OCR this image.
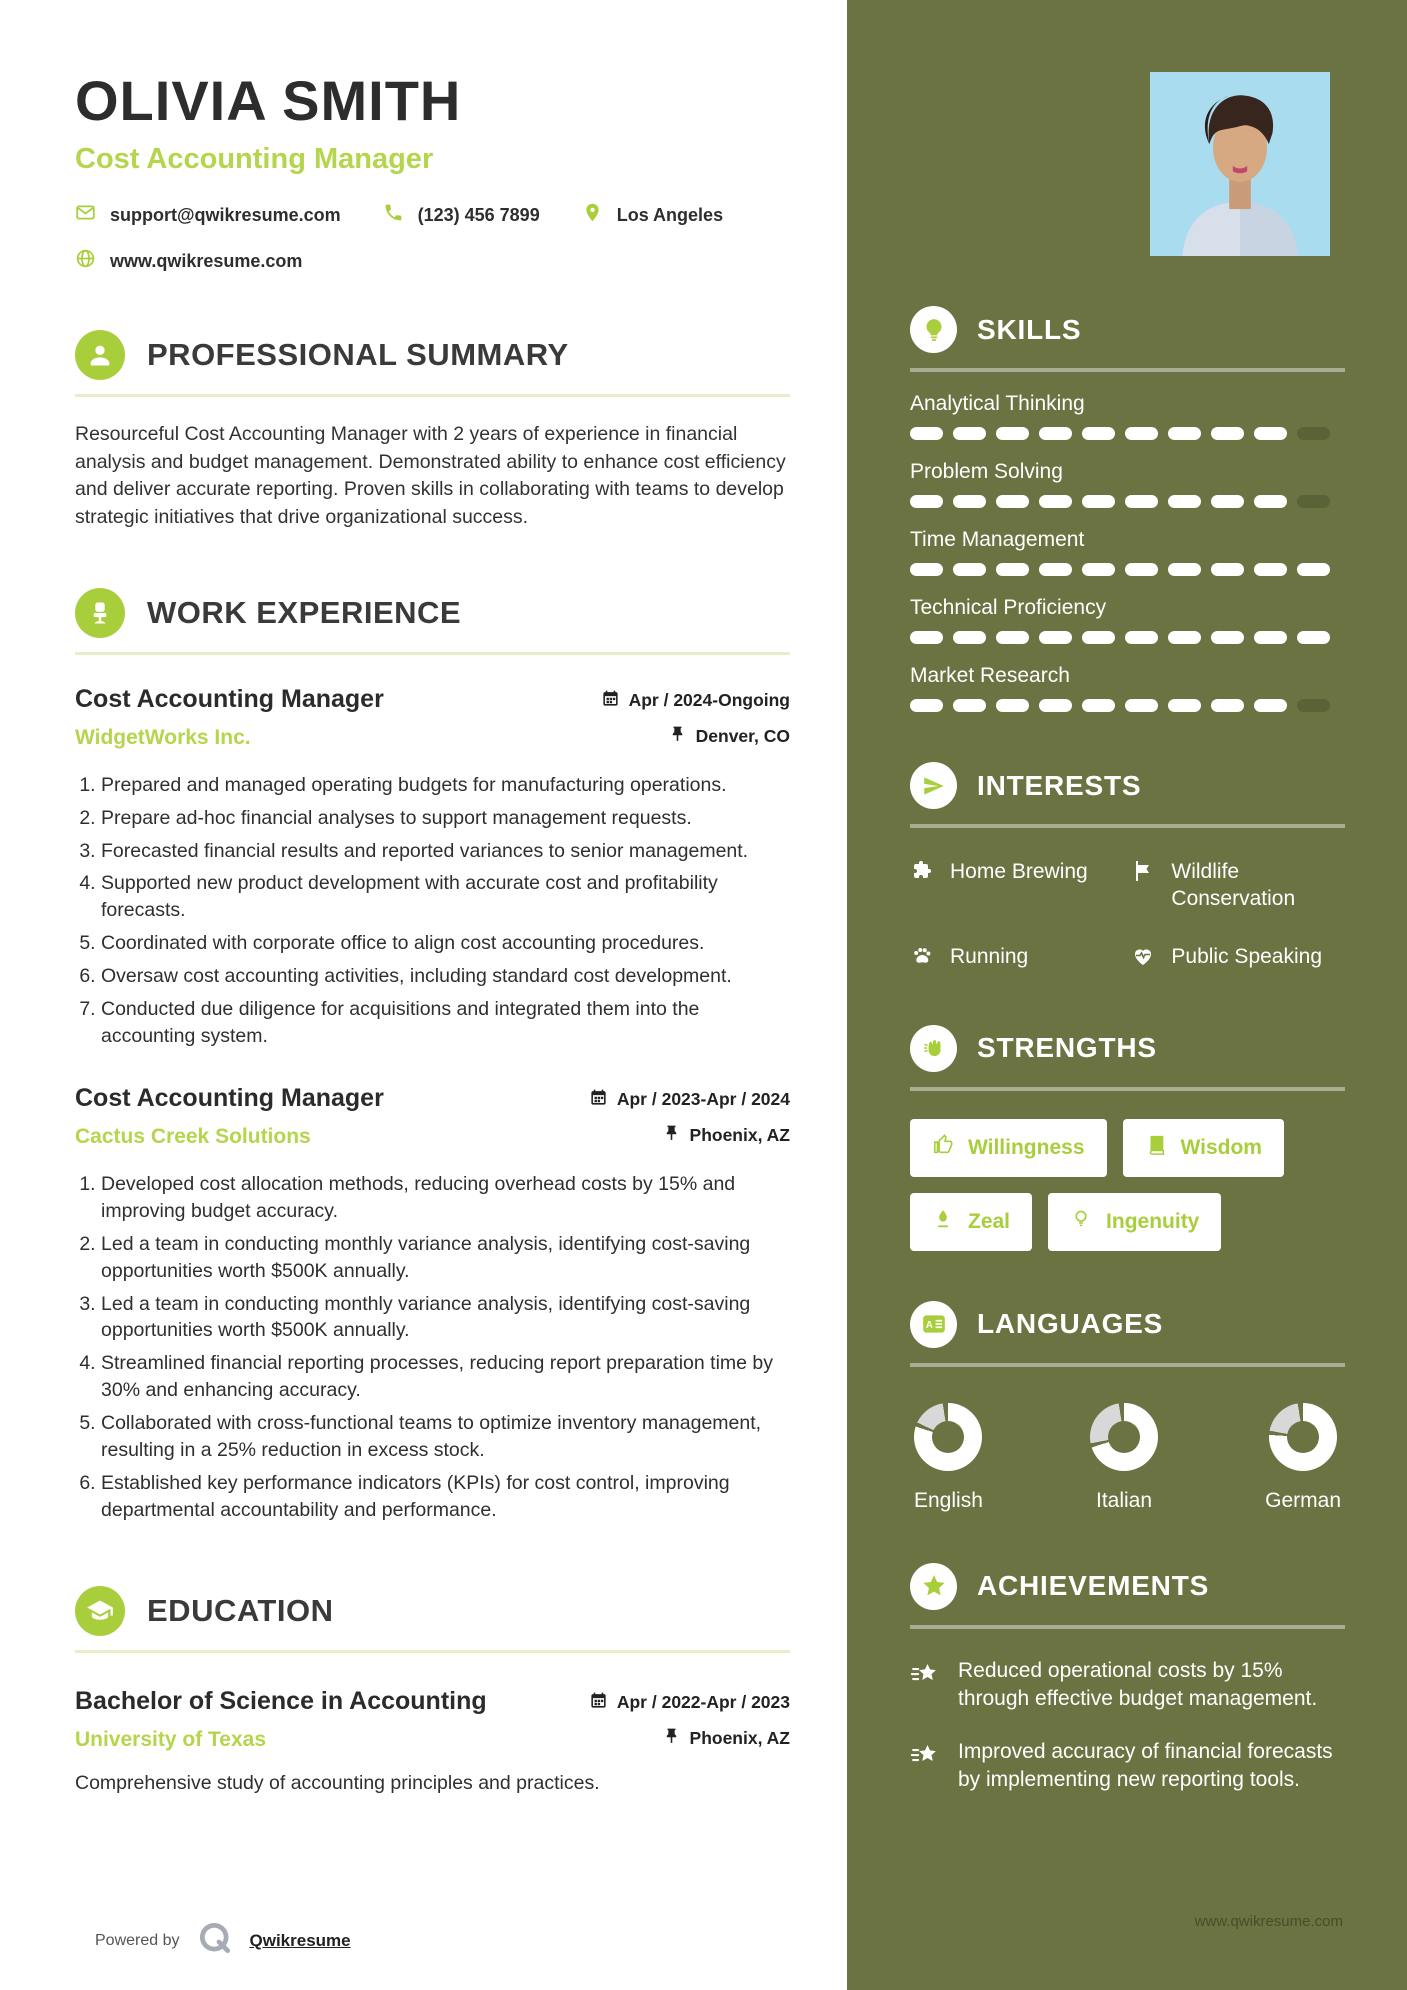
OLIVIA SMITH
Cost Accounting Manager
support@qwikresume.com	(123) 456 7899	Los Angeles
www.qwikresume.com
PROFESSIONAL SUMMARY

Resourceful Cost Accounting Manager with 2 years of experience in financial analysis and budget management. Demonstrated ability to enhance cost efficiency and deliver accurate reporting. Proven skills in collaborating with teams to develop strategic initiatives that drive organizational success.

WORK EXPERIENCE
Cost Accounting Manager
WidgetWorks Inc.
Apr / 2024-Ongoing
Denver, CO
1. Prepared and managed operating budgets for manufacturing operations.
2. Prepare ad-hoc financial analyses to support management requests.
3. Forecasted financial results and reported variances to senior management.
4. Supported new product development with accurate cost and profitability forecasts.
5. Coordinated with corporate office to align cost accounting procedures.
6. Oversaw cost accounting activities, including standard cost development.
7. Conducted due diligence for acquisitions and integrated them into the accounting system.
Cost Accounting Manager
Cactus Creek Solutions
Apr / 2023-Apr / 2024
Phoenix, AZ
1. Developed cost allocation methods, reducing overhead costs by 15% and improving budget accuracy.
2. Led a team in conducting monthly variance analysis, identifying cost-saving opportunities worth $500K annually.
3. Led a team in conducting monthly variance analysis, identifying cost-saving opportunities worth $500K annually.
4. Streamlined financial reporting processes, reducing report preparation time by 30% and enhancing accuracy.
5. Collaborated with cross-functional teams to optimize inventory management, resulting in a 25% reduction in excess stock.
6. Established key performance indicators (KPIs) for cost control, improving departmental accountability and performance.
EDUCATION
Bachelor of Science in Accounting
University of Texas
Apr / 2022-Apr / 2023
Phoenix, AZ

Comprehensive study of accounting principles and practices.

Powered by	Qwikresume
SKILLS
Analytical Thinking
Problem Solving
Time Management
Technical Proficiency
Market Research
INTERESTS
Home Brewing	Wildlife Conservation
Running	Public Speaking
STRENGTHS
Willingness	Wisdom
Zeal	Ingenuity
A LANGUAGES
English	Italian	German
ACHIEVEMENTS
Reduced operational costs by 15% through effective budget management.
Improved accuracy of financial forecasts by implementing new reporting tools.
www.qwikresume.com
